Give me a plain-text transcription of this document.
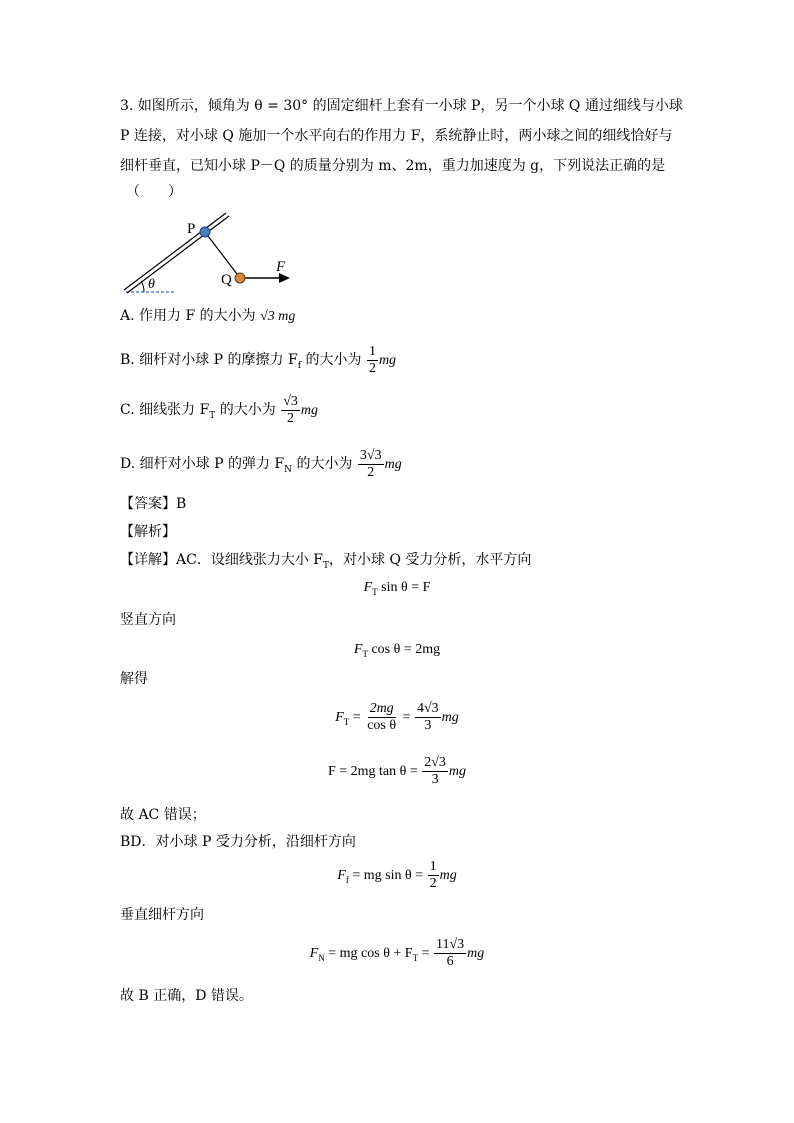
3. 如图所示，倾角为 θ = 30° 的固定细杆上套有一小球 P，另一个小球 Q 通过细线与小球
P 连接，对小球 Q 施加一个水平向右的作用力 F，系统静止时，两小球之间的细线恰好与
细杆垂直，已知小球 P－Q 的质量分别为 m、2m，重力加速度为 g，下列说法正确的是
（　　）
P
Q
F
θ
A. 作用力 F 的大小为 √3 mg
B. 细杆对小球 P 的摩擦力 $F_f$ 的大小为 $\frac{1}{2}$ mg
C. 细线张力 $F_T$ 的大小为 $\frac{√3}{2}$ mg
D. 细杆对小球 P 的弹力 $F_N$ 的大小为 $\frac{3√3}{2}$ mg
【答案】B
【解析】
【详解】AC．设细线张力大小 $F_T$，对小球 Q 受力分析，水平方向
$F_T$ sin θ = F
竖直方向
$F_T$ cos θ = 2mg
解得
$F_T = \frac{2mg}{\text{cos θ}} = \frac{4√3}{3}$ mg
F = 2mg $\tan \theta = \frac{2√3}{3}$ mg
故 AC 错误；
BD．对小球 P 受力分析，沿细杆方向
$F_f$ = mg $\sin \theta = \frac{1}{2}$ mg
垂直细杆方向
$F_N$ = mg $\cos \theta + F_T = \frac{11√3}{6}$ mg
故 B 正确，D 错误。
